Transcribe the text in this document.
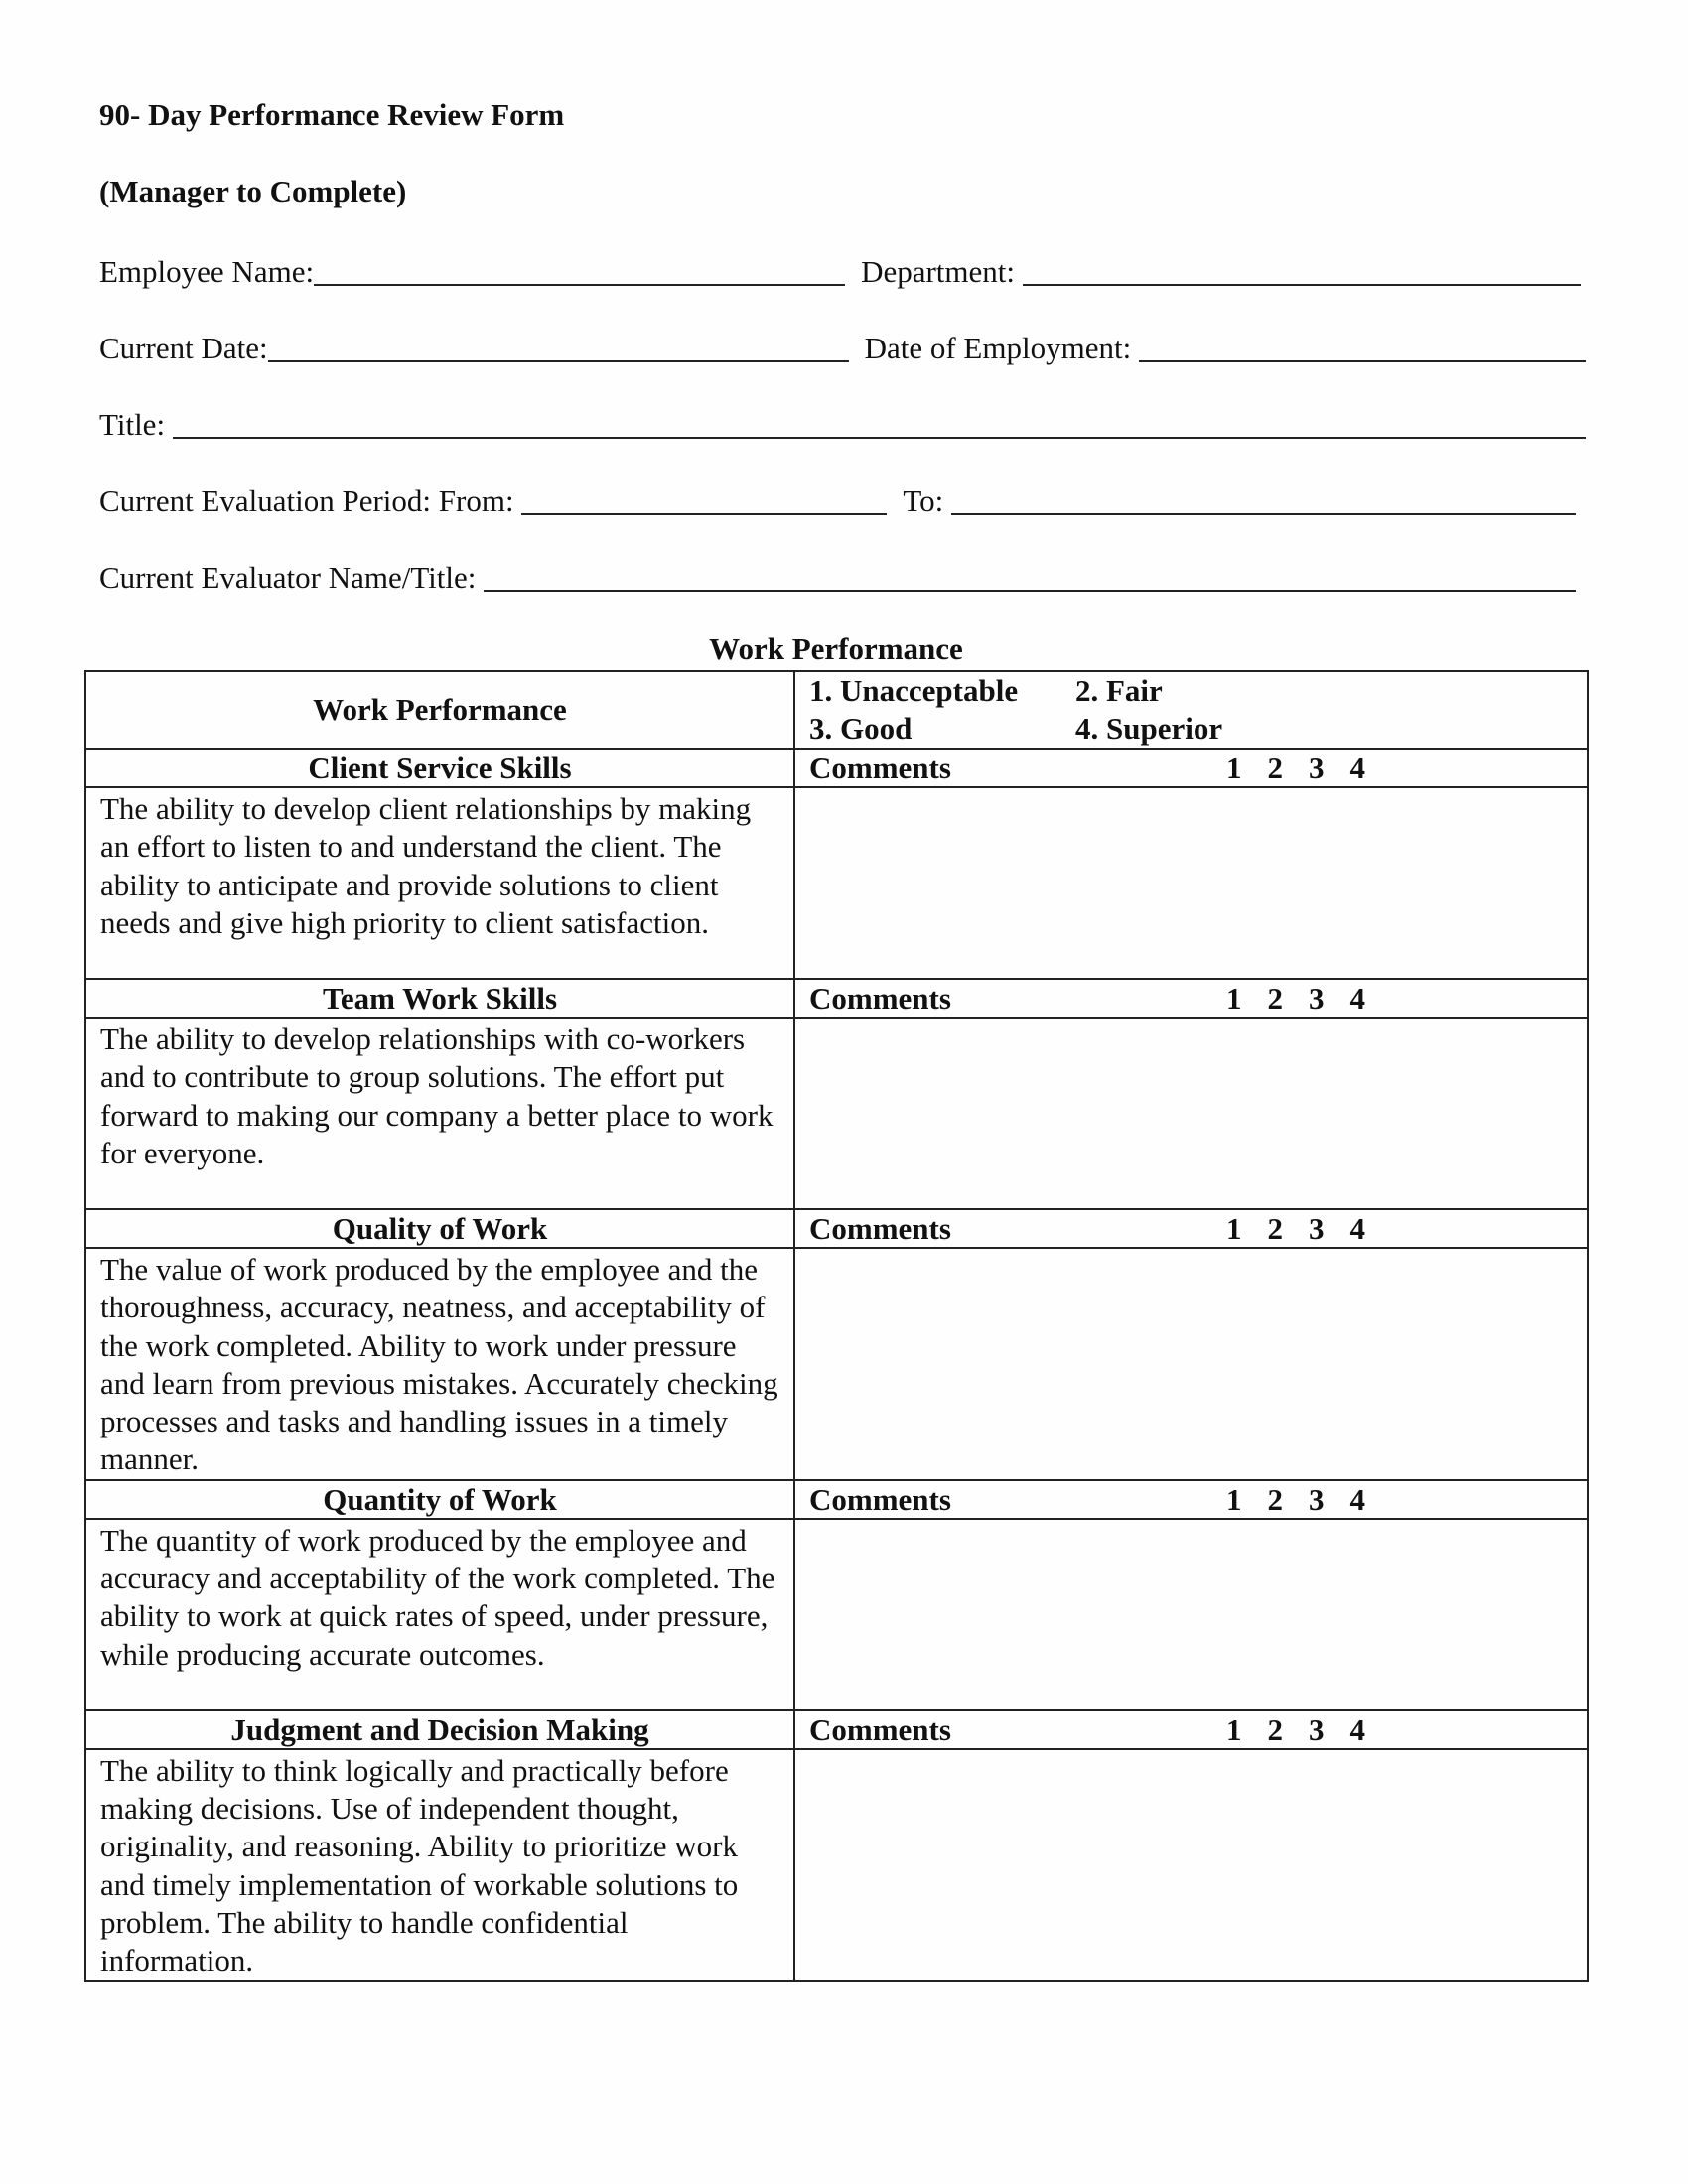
90- Day Performance Review Form
(Manager to Complete)
Employee Name:	Department:
Current Date:	Date of Employment:
Title:
Current Evaluation Period: From:	To:
Current Evaluator Name/Title:
Work Performance
Work Performance	1. Unacceptable 2. Fair
3. Good 4. Superior

Client Service Skills	Comments 1 2 3 4

The ability to develop client relationships by making an effort to listen to and understand the client. The ability to anticipate and provide solutions to client needs and give high priority to client satisfaction.	
Team Work Skills	Comments 1 2 3 4

The ability to develop relationships with co-workers and to contribute to group solutions. The effort put forward to making our company a better place to work for everyone.	
Quality of Work	Comments 1 2 3 4

The value of work produced by the employee and the thoroughness, accuracy, neatness, and acceptability of the work completed. Ability to work under pressure and learn from previous mistakes. Accurately checking processes and tasks and handling issues in a timely manner.	
Quantity of Work	Comments 1 2 3 4

The quantity of work produced by the employee and accuracy and acceptability of the work completed. The ability to work at quick rates of speed, under pressure, while producing accurate outcomes.	
Judgment and Decision Making	Comments 1 2 3 4

The ability to think logically and practically before making decisions. Use of independent thought, originality, and reasoning. Ability to prioritize work and timely implementation of workable solutions to problem. The ability to handle confidential information.	
